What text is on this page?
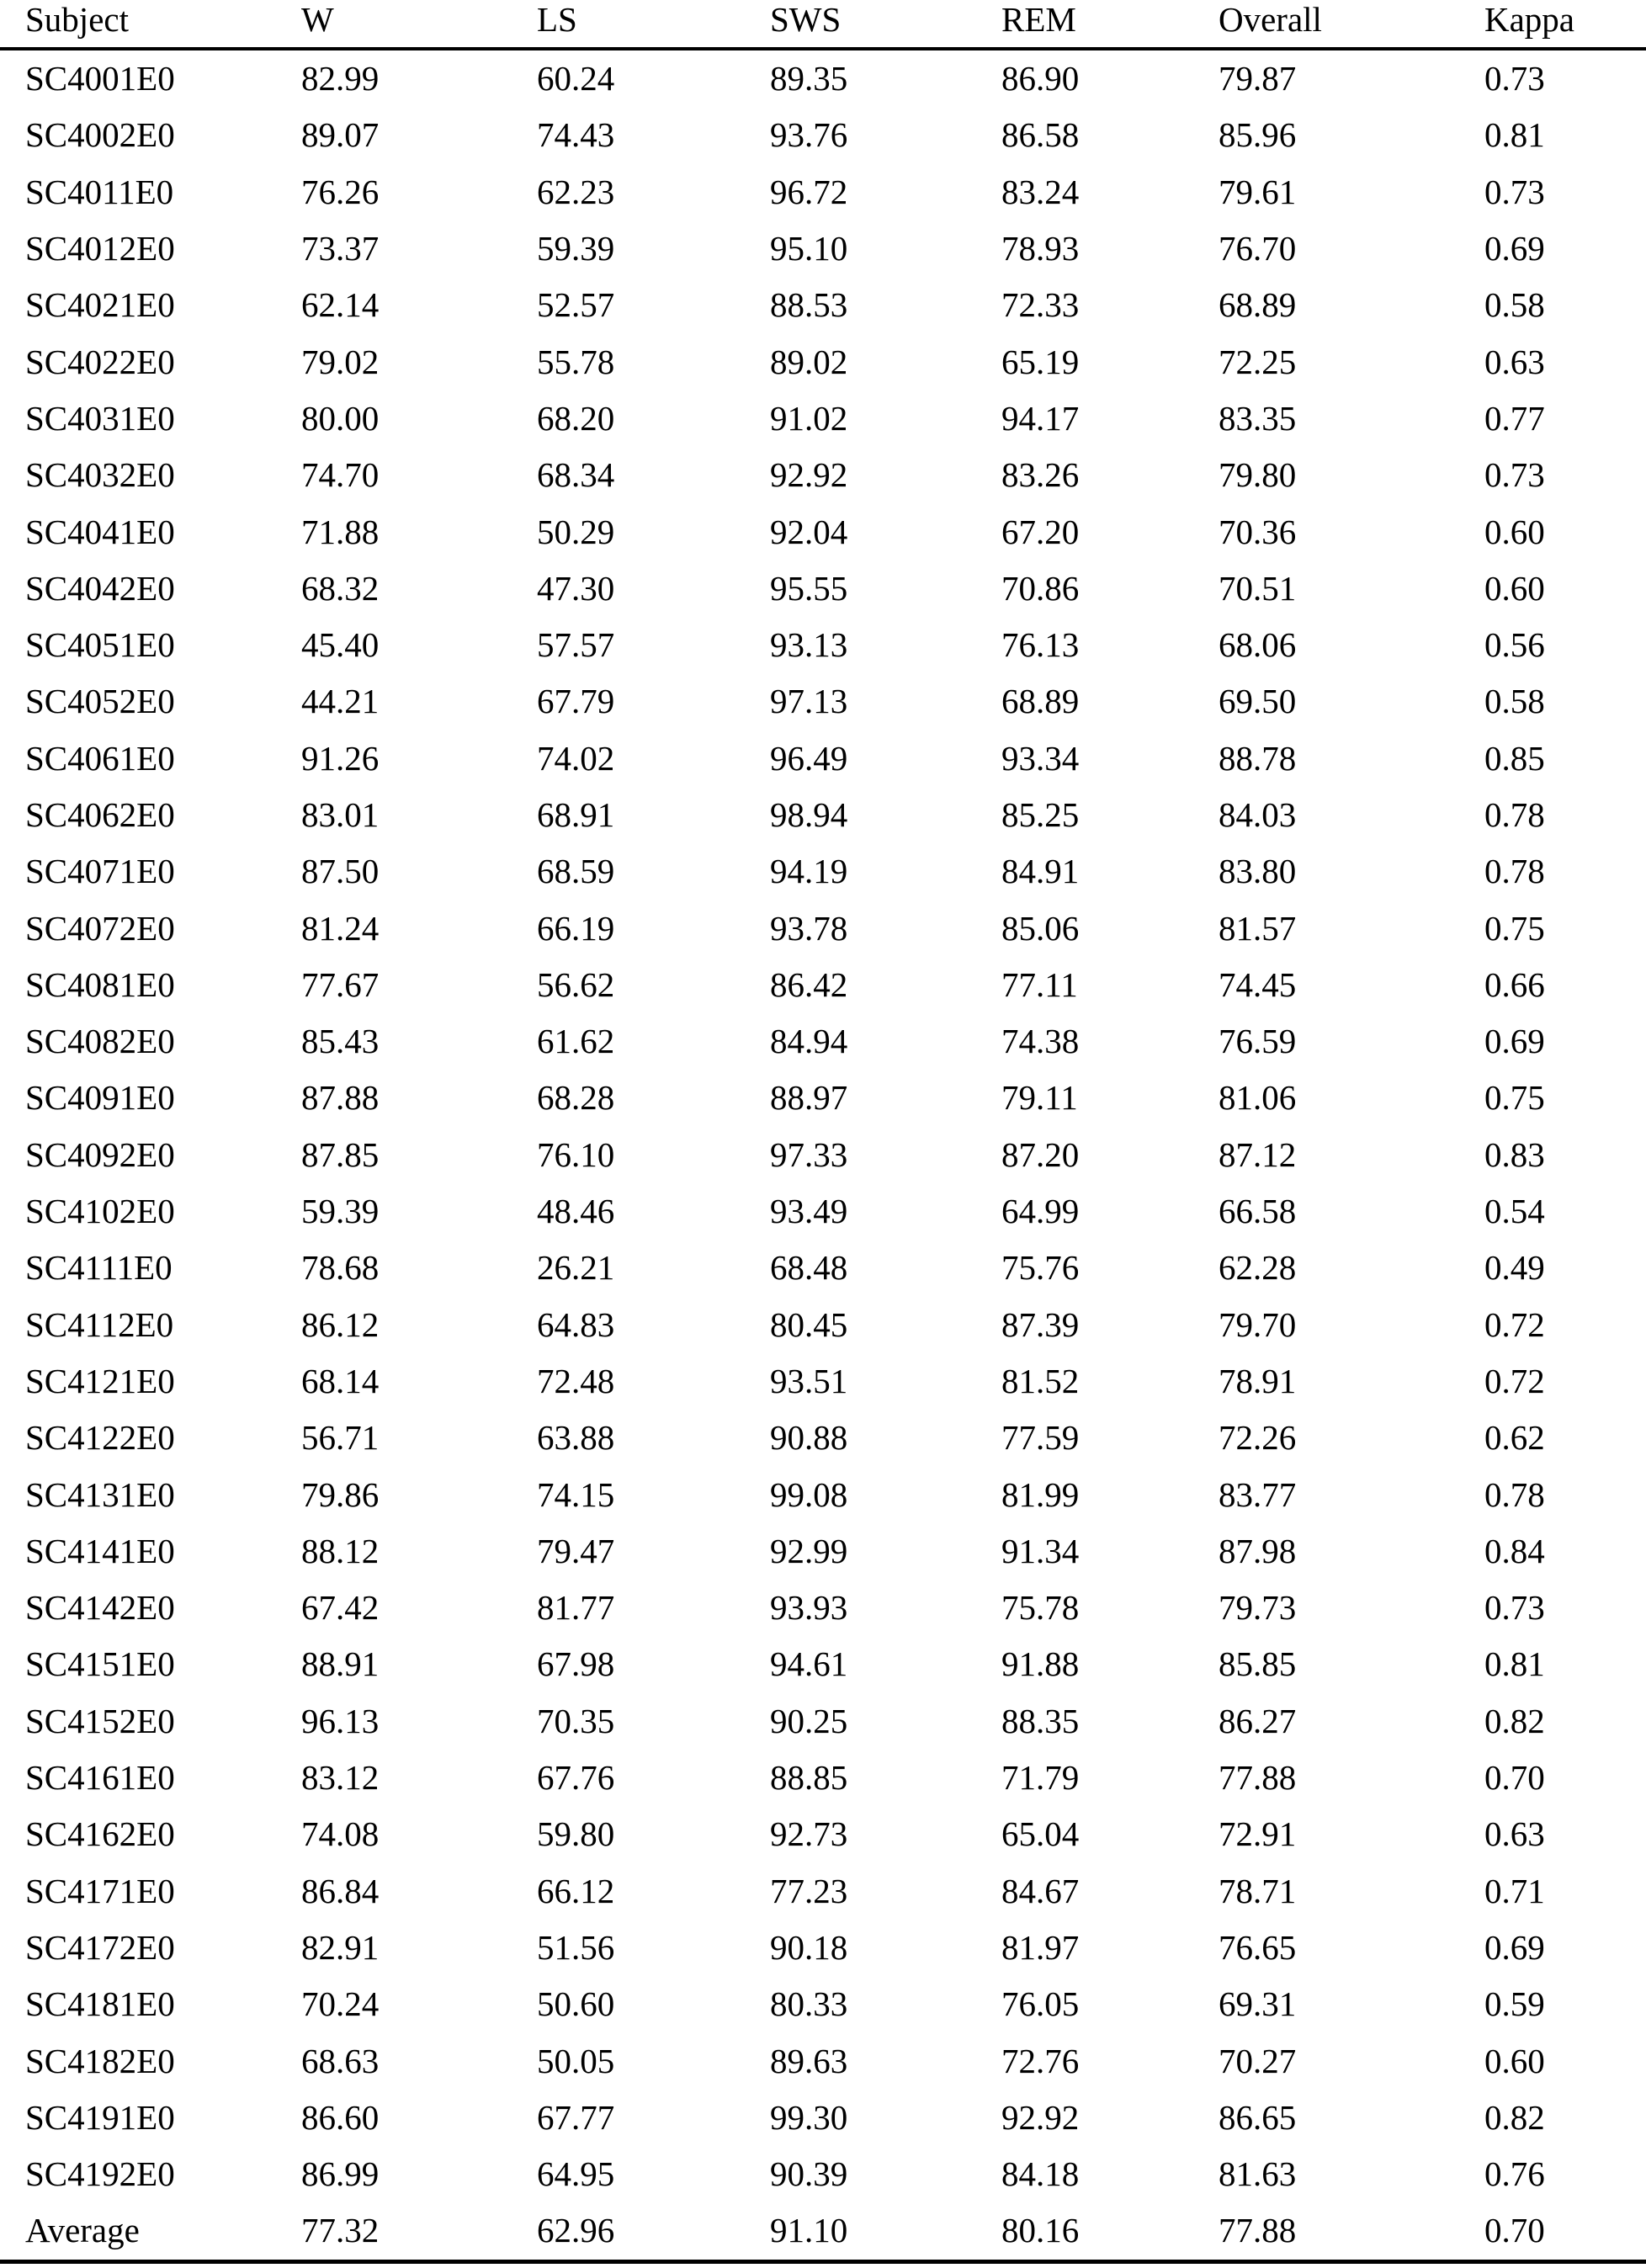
Subject	W	LS	SWS	REM	Overall	Kappa
SC4001E0	82.99	60.24	89.35	86.90	79.87	0.73
SC4002E0	89.07	74.43	93.76	86.58	85.96	0.81
SC4011E0	76.26	62.23	96.72	83.24	79.61	0.73
SC4012E0	73.37	59.39	95.10	78.93	76.70	0.69
SC4021E0	62.14	52.57	88.53	72.33	68.89	0.58
SC4022E0	79.02	55.78	89.02	65.19	72.25	0.63
SC4031E0	80.00	68.20	91.02	94.17	83.35	0.77
SC4032E0	74.70	68.34	92.92	83.26	79.80	0.73
SC4041E0	71.88	50.29	92.04	67.20	70.36	0.60
SC4042E0	68.32	47.30	95.55	70.86	70.51	0.60
SC4051E0	45.40	57.57	93.13	76.13	68.06	0.56
SC4052E0	44.21	67.79	97.13	68.89	69.50	0.58
SC4061E0	91.26	74.02	96.49	93.34	88.78	0.85
SC4062E0	83.01	68.91	98.94	85.25	84.03	0.78
SC4071E0	87.50	68.59	94.19	84.91	83.80	0.78
SC4072E0	81.24	66.19	93.78	85.06	81.57	0.75
SC4081E0	77.67	56.62	86.42	77.11	74.45	0.66
SC4082E0	85.43	61.62	84.94	74.38	76.59	0.69
SC4091E0	87.88	68.28	88.97	79.11	81.06	0.75
SC4092E0	87.85	76.10	97.33	87.20	87.12	0.83
SC4102E0	59.39	48.46	93.49	64.99	66.58	0.54
SC4111E0	78.68	26.21	68.48	75.76	62.28	0.49
SC4112E0	86.12	64.83	80.45	87.39	79.70	0.72
SC4121E0	68.14	72.48	93.51	81.52	78.91	0.72
SC4122E0	56.71	63.88	90.88	77.59	72.26	0.62
SC4131E0	79.86	74.15	99.08	81.99	83.77	0.78
SC4141E0	88.12	79.47	92.99	91.34	87.98	0.84
SC4142E0	67.42	81.77	93.93	75.78	79.73	0.73
SC4151E0	88.91	67.98	94.61	91.88	85.85	0.81
SC4152E0	96.13	70.35	90.25	88.35	86.27	0.82
SC4161E0	83.12	67.76	88.85	71.79	77.88	0.70
SC4162E0	74.08	59.80	92.73	65.04	72.91	0.63
SC4171E0	86.84	66.12	77.23	84.67	78.71	0.71
SC4172E0	82.91	51.56	90.18	81.97	76.65	0.69
SC4181E0	70.24	50.60	80.33	76.05	69.31	0.59
SC4182E0	68.63	50.05	89.63	72.76	70.27	0.60
SC4191E0	86.60	67.77	99.30	92.92	86.65	0.82
SC4192E0	86.99	64.95	90.39	84.18	81.63	0.76
Average	77.32	62.96	91.10	80.16	77.88	0.70
